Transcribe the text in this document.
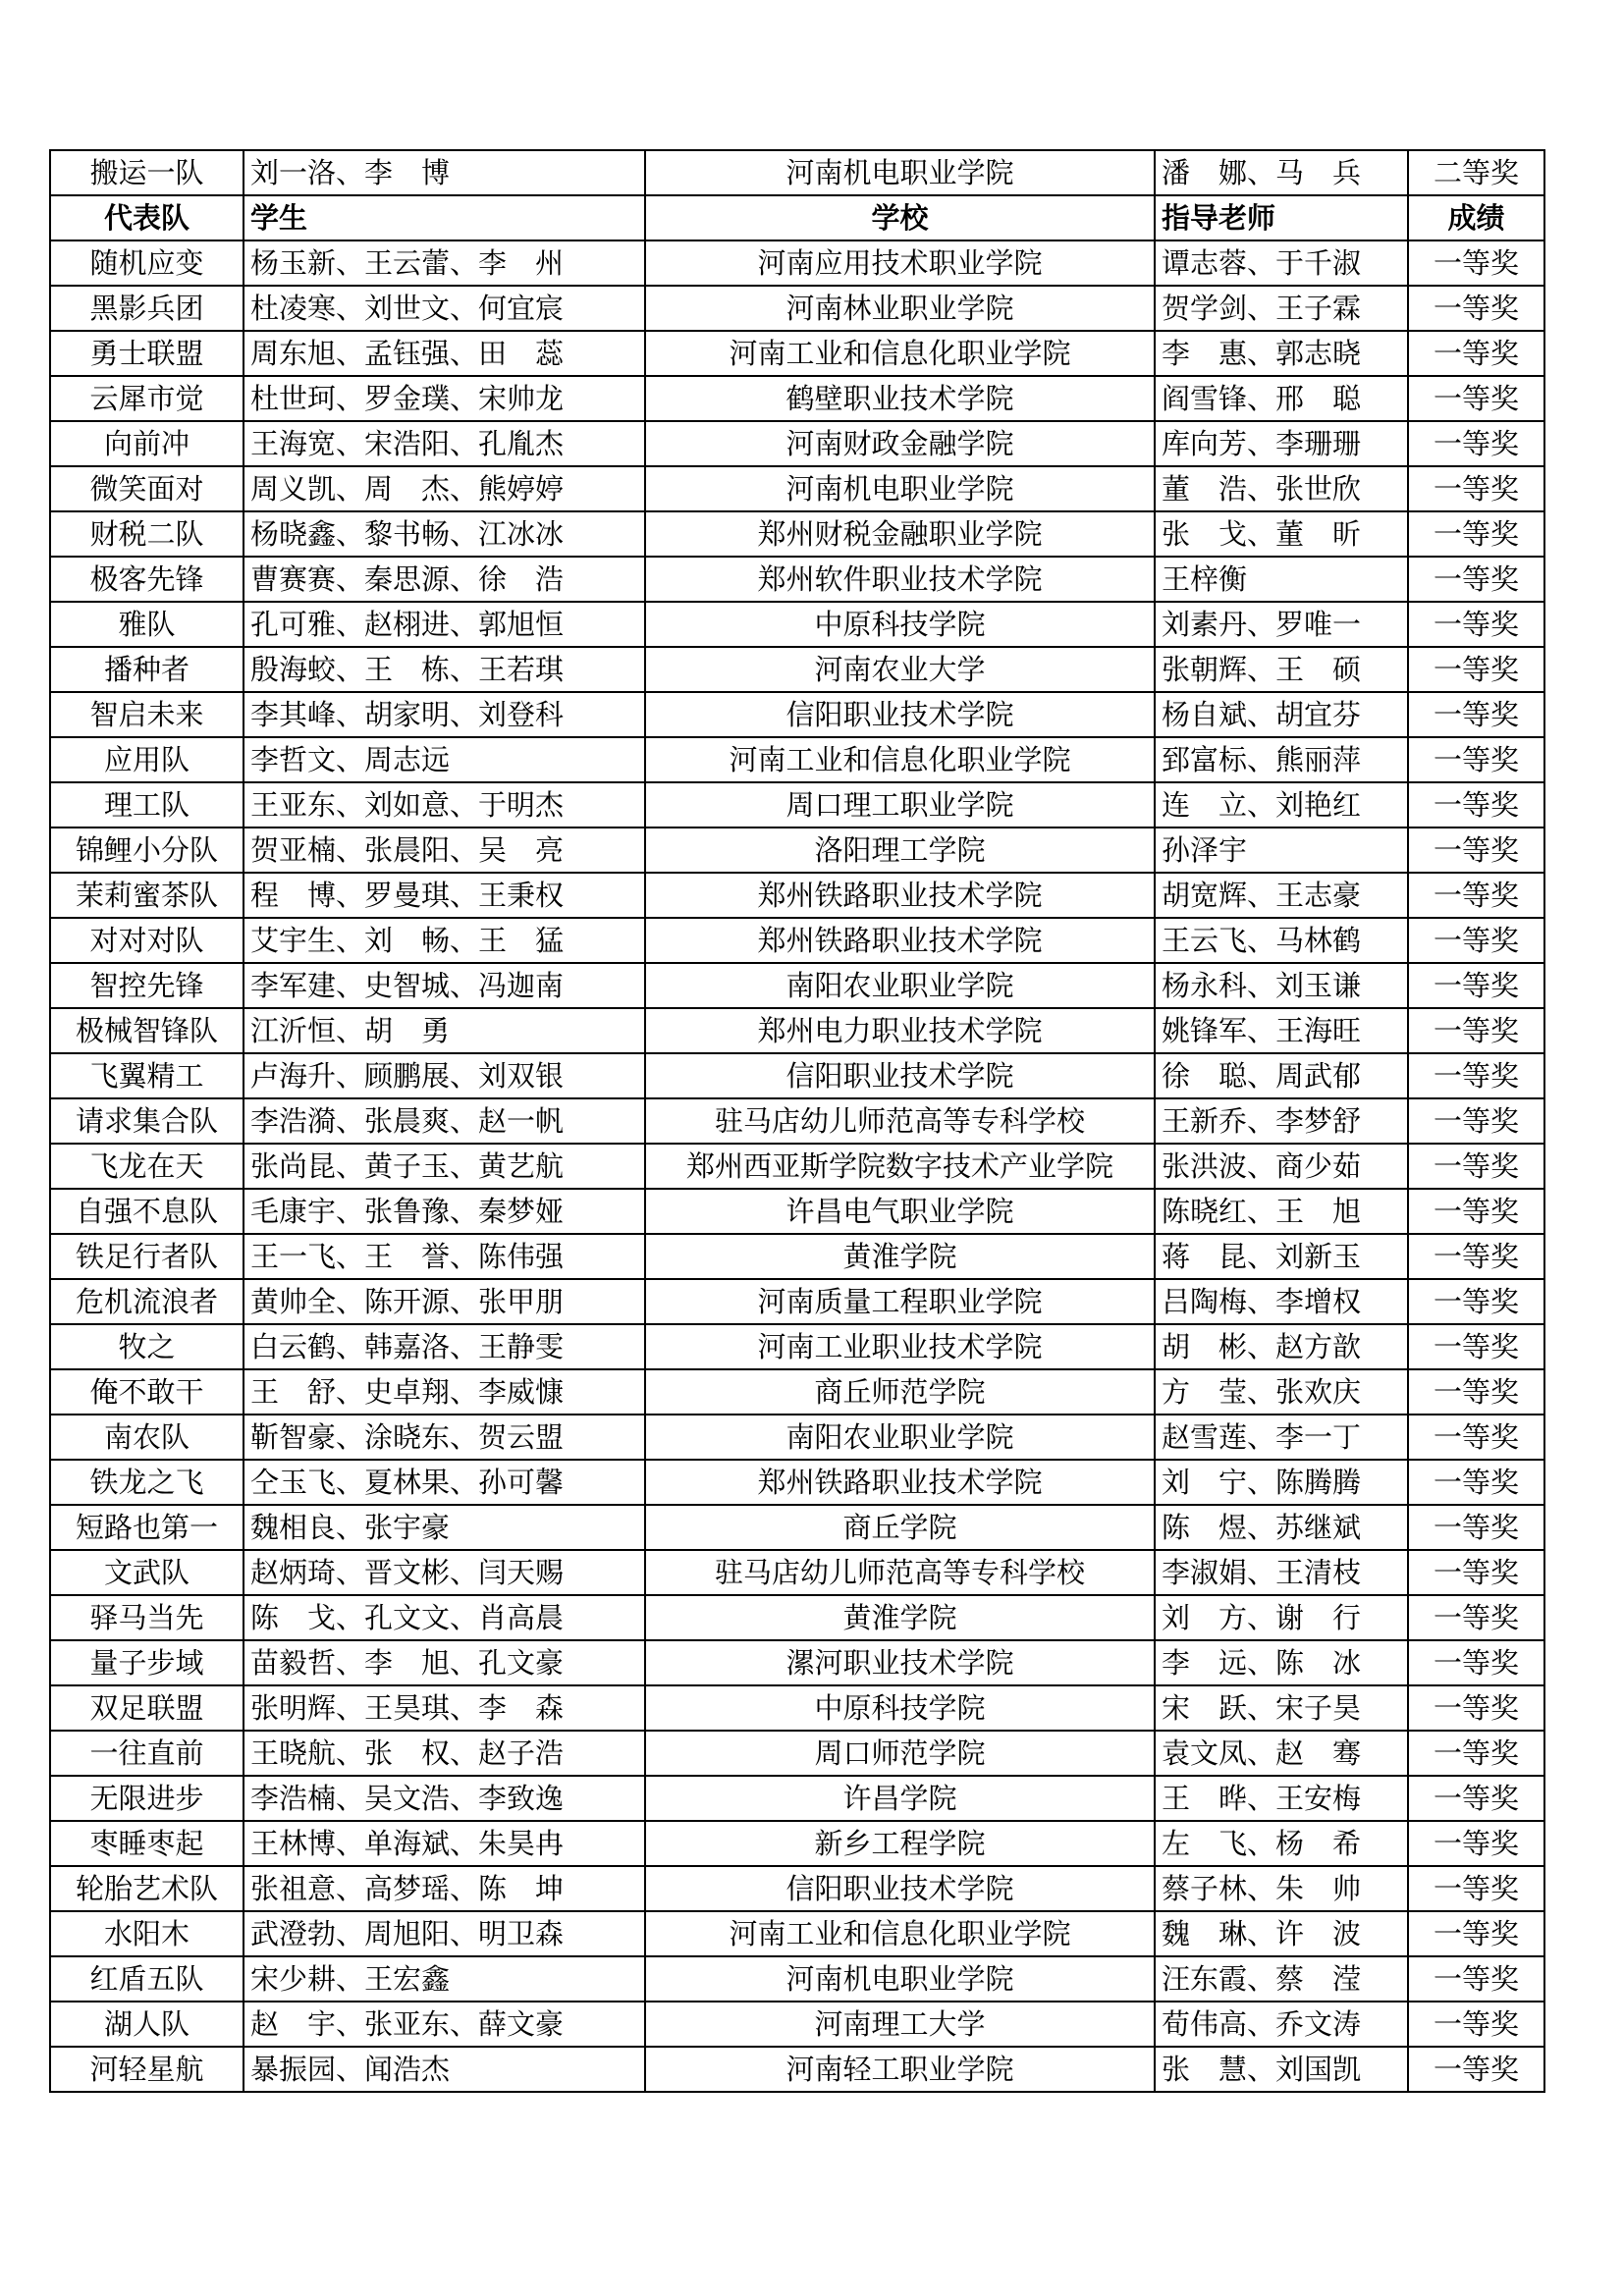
搬运一队	刘一洛、李　博	河南机电职业学院	潘　娜、马　兵	二等奖
代表队	学生	学校	指导老师	成绩
随机应变	杨玉新、王云蕾、李　州	河南应用技术职业学院	谭志蓉、于千淑	一等奖
黑影兵团	杜凌寒、刘世文、何宜宸	河南林业职业学院	贺学剑、王子霖	一等奖
勇士联盟	周东旭、孟钰强、田　蕊	河南工业和信息化职业学院	李　惠、郭志晓	一等奖
云犀市觉	杜世珂、罗金璞、宋帅龙	鹤壁职业技术学院	阎雪锋、邢　聪	一等奖
向前冲	王海宽、宋浩阳、孔胤杰	河南财政金融学院	库向芳、李珊珊	一等奖
微笑面对	周义凯、周　杰、熊婷婷	河南机电职业学院	董　浩、张世欣	一等奖
财税二队	杨晓鑫、黎书畅、江冰冰	郑州财税金融职业学院	张　戈、董　昕	一等奖
极客先锋	曹赛赛、秦思源、徐　浩	郑州软件职业技术学院	王梓衡	一等奖
雅队	孔可雅、赵栩进、郭旭恒	中原科技学院	刘素丹、罗唯一	一等奖
播种者	殷海蛟、王　栋、王若琪	河南农业大学	张朝辉、王　硕	一等奖
智启未来	李其峰、胡家明、刘登科	信阳职业技术学院	杨自斌、胡宜芬	一等奖
应用队	李哲文、周志远	河南工业和信息化职业学院	郅富标、熊丽萍	一等奖
理工队	王亚东、刘如意、于明杰	周口理工职业学院	连　立、刘艳红	一等奖
锦鲤小分队	贺亚楠、张晨阳、吴　亮	洛阳理工学院	孙泽宇	一等奖
茉莉蜜茶队	程　博、罗曼琪、王秉权	郑州铁路职业技术学院	胡宽辉、王志豪	一等奖
对对对队	艾宇生、刘　畅、王　猛	郑州铁路职业技术学院	王云飞、马林鹤	一等奖
智控先锋	李军建、史智城、冯迦南	南阳农业职业学院	杨永科、刘玉谦	一等奖
极械智锋队	江沂恒、胡　勇	郑州电力职业技术学院	姚锋军、王海旺	一等奖
飞翼精工	卢海升、顾鹏展、刘双银	信阳职业技术学院	徐　聪、周武郁	一等奖
请求集合队	李浩漪、张晨爽、赵一帆	驻马店幼儿师范高等专科学校	王新乔、李梦舒	一等奖
飞龙在天	张尚昆、黄子玉、黄艺航	郑州西亚斯学院数字技术产业学院	张洪波、商少茹	一等奖
自强不息队	毛康宇、张鲁豫、秦梦娅	许昌电气职业学院	陈晓红、王　旭	一等奖
铁足行者队	王一飞、王　誉、陈伟强	黄淮学院	蒋　昆、刘新玉	一等奖
危机流浪者	黄帅全、陈开源、张甲朋	河南质量工程职业学院	吕陶梅、李增权	一等奖
牧之	白云鹤、韩嘉洛、王静雯	河南工业职业技术学院	胡　彬、赵方歆	一等奖
俺不敢干	王　舒、史卓翔、李威慷	商丘师范学院	方　莹、张欢庆	一等奖
南农队	靳智豪、涂晓东、贺云盟	南阳农业职业学院	赵雪莲、李一丁	一等奖
铁龙之飞	仝玉飞、夏林果、孙可馨	郑州铁路职业技术学院	刘　宁、陈腾腾	一等奖
短路也第一	魏相良、张宇豪	商丘学院	陈　煜、苏继斌	一等奖
文武队	赵炳琦、晋文彬、闫天赐	驻马店幼儿师范高等专科学校	李淑娟、王清枝	一等奖
驿马当先	陈　戈、孔文文、肖高晨	黄淮学院	刘　方、谢　行	一等奖
量子步域	苗毅哲、李　旭、孔文豪	漯河职业技术学院	李　远、陈　冰	一等奖
双足联盟	张明辉、王昊琪、李　森	中原科技学院	宋　跃、宋子昊	一等奖
一往直前	王晓航、张　权、赵子浩	周口师范学院	袁文凤、赵　骞	一等奖
无限进步	李浩楠、吴文浩、李致逸	许昌学院	王　晔、王安梅	一等奖
枣睡枣起	王林博、单海斌、朱昊冉	新乡工程学院	左　飞、杨　希	一等奖
轮胎艺术队	张祖意、高梦瑶、陈　坤	信阳职业技术学院	蔡子林、朱　帅	一等奖
水阳木	武澄勃、周旭阳、明卫森	河南工业和信息化职业学院	魏　琳、许　波	一等奖
红盾五队	宋少耕、王宏鑫	河南机电职业学院	汪东霞、蔡　滢	一等奖
湖人队	赵　宇、张亚东、薛文豪	河南理工大学	荀伟高、乔文涛	一等奖
河轻星航	暴振园、闻浩杰	河南轻工职业学院	张　慧、刘国凯	一等奖
